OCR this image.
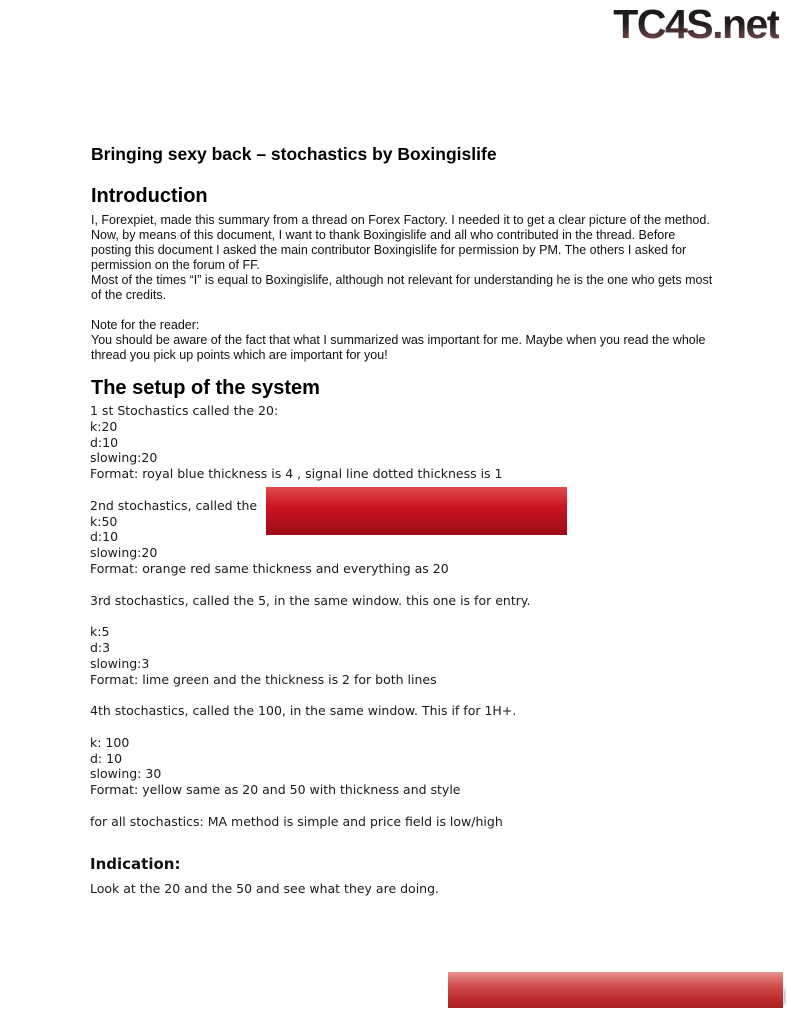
TC4S.net
Bringing sexy back – stochastics by Boxingislife
Introduction

I, Forexpiet, made this summary from a thread on Forex Factory. I needed it to get a clear picture of the method. Now, by means of this document, I want to thank Boxingislife and all who contributed in the thread. Before posting this document I asked the main contributor Boxingislife for permission by PM. The others I asked for permission on the forum of FF.

Most of the times “I” is equal to Boxingislife, although not relevant for understanding he is the one who gets most of the credits.

Note for the reader:

You should be aware of the fact that what I summarized was important for me. Maybe when you read the whole thread you pick up points which are important for you!

The setup of the system
1 st Stochastics called the 20:
k:20
d:10
slowing:20
Format: royal blue thickness is 4 , signal line dotted thickness is 1

2nd stochastics, called the
k:50
d:10
slowing:20
Format: orange red same thickness and everything as 20

3rd stochastics, called the 5, in the same window. this one is for entry.

k:5
d:3
slowing:3
Format: lime green and the thickness is 2 for both lines

4th stochastics, called the 100, in the same window. This if for 1H+.

k: 100
d: 10
slowing: 30
Format: yellow same as 20 and 50 with thickness and style

for all stochastics: MA method is simple and price field is low/high
DLSUB.COM
Indication:
Look at the 20 and the 50 and see what they are doing.
TradersXtreme.com
